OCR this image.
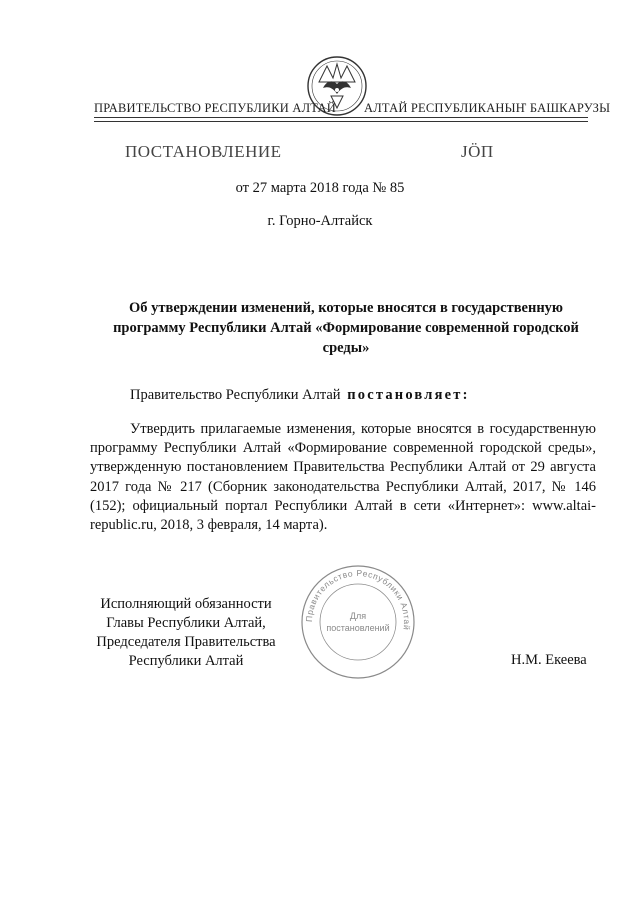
ПРАВИТЕЛЬСТВО РЕСПУБЛИКИ АЛТАЙ АЛТАЙ РЕСПУБЛИКАНЫҤ БАШКАРУЗЫ
ПОСТАНОВЛЕНИЕ	JÖП
от 27 марта 2018 года № 85
г. Горно-Алтайск
Об утверждении изменений, которые вносятся в государственную программу Республики Алтай «Формирование современной городской среды»
Правительство Республики Алтай постановляет:
Утвердить прилагаемые изменения, которые вносятся в государственную программу Республики Алтай «Формирование современной городской среды», утвержденную постановлением Правительства Республики Алтай от 29 августа 2017 года № 217 (Сборник законодательства Республики Алтай, 2017, № 146 (152); официальный портал Республики Алтай в сети «Интернет»: www.altai-republic.ru, 2018, 3 февраля, 14 марта).
Исполняющий обязанности
Главы Республики Алтай,
Председателя Правительства
Республики Алтай	Н.М. Екеева
Правительство Республики Алтай
Для
постановлений
